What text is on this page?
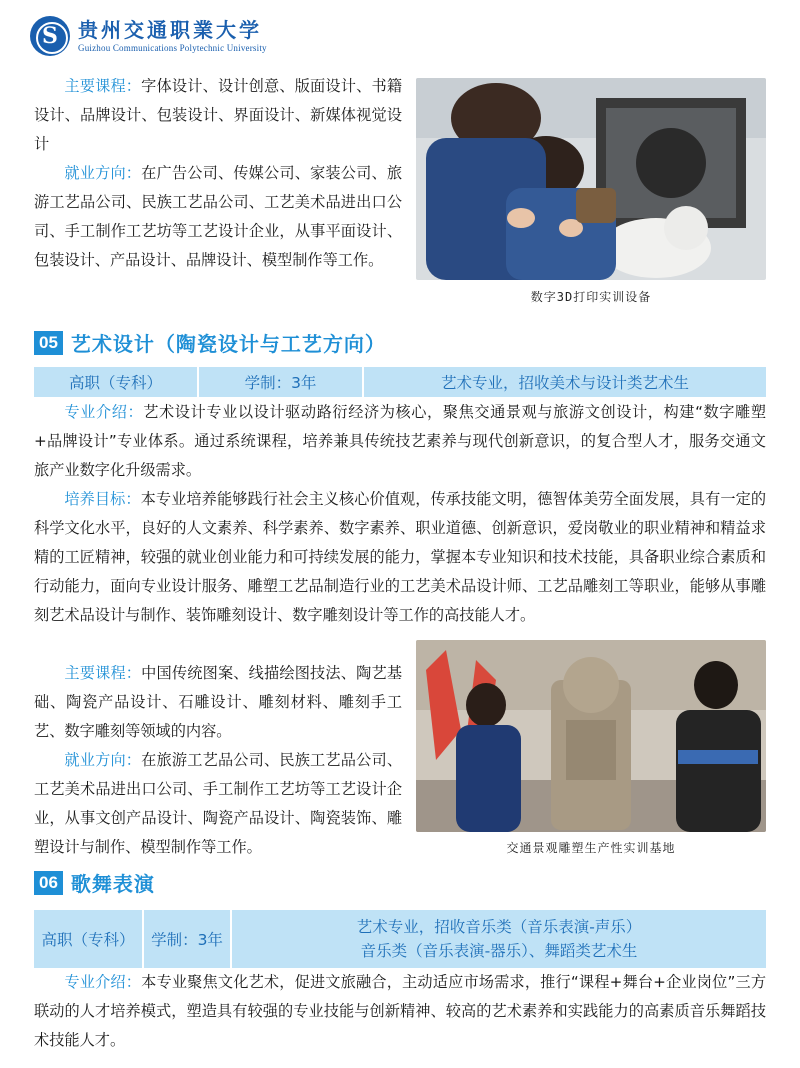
S
贵州交通职業大学
Guizhou Communications Polytechnic University
主要课程：字体设计、设计创意、版面设计、书籍设计、品牌设计、包装设计、界面设计、新媒体视觉设计
就业方向：在广告公司、传媒公司、家装公司、旅游工艺品公司、民族工艺品公司、工艺美术品进出口公司、手工制作工艺坊等工艺设计企业，从事平面设计、包装设计、产品设计、品牌设计、模型制作等工作。
数字3D打印实训设备
05 艺术设计（陶瓷设计与工艺方向）
高职（专科）	学制：3年	艺术专业，招收美术与设计类艺术生
专业介绍：艺术设计专业以设计驱动路衍经济为核心，聚焦交通景观与旅游文创设计，构建“数字雕塑+品牌设计”专业体系。通过系统课程，培养兼具传统技艺素养与现代创新意识，的复合型人才，服务交通文旅产业数字化升级需求。
培养目标：本专业培养能够践行社会主义核心价值观，传承技能文明，德智体美劳全面发展，具有一定的科学文化水平，良好的人文素养、科学素养、数字素养、职业道德、创新意识，爱岗敬业的职业精神和精益求精的工匠精神，较强的就业创业能力和可持续发展的能力，掌握本专业知识和技术技能，具备职业综合素质和行动能力，面向专业设计服务、雕塑工艺品制造行业的工艺美术品设计师、工艺品雕刻工等职业，能够从事雕刻艺术品设计与制作、装饰雕刻设计、数字雕刻设计等工作的高技能人才。
主要课程：中国传统图案、线描绘图技法、陶艺基础、陶瓷产品设计、石雕设计、雕刻材料、雕刻手工艺、数字雕刻等领域的内容。
就业方向：在旅游工艺品公司、民族工艺品公司、工艺美术品进出口公司、手工制作工艺坊等工艺设计企业，从事文创产品设计、陶瓷产品设计、陶瓷装饰、雕塑设计与制作、模型制作等工作。	交通景观雕塑生产性实训基地
06 歌舞表演
高职（专科）	学制：3年
艺术专业，招收音乐类（音乐表演-声乐）
音乐类（音乐表演-器乐）、舞蹈类艺术生
专业介绍：本专业聚焦文化艺术，促进文旅融合，主动适应市场需求，推行“课程+舞台+企业岗位”三方联动的人才培养模式，塑造具有较强的专业技能与创新精神、较高的艺术素养和实践能力的高素质音乐舞蹈技术技能人才。
